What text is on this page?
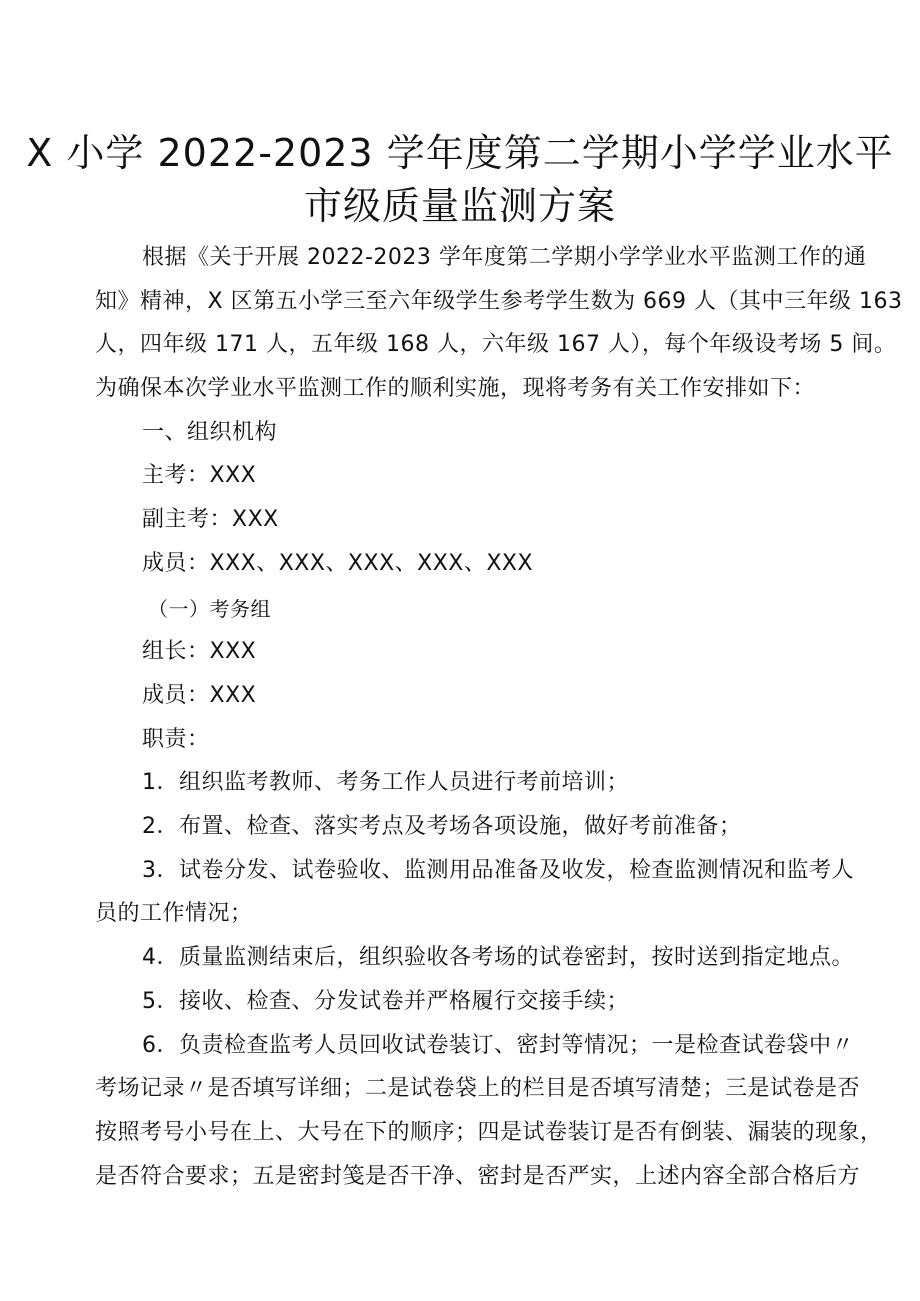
X 小学 2022-2023 学年度第二学期小学学业水平
市级质量监测方案
根据《关于开展 2022-2023 学年度第二学期小学学业水平监测工作的通
知》精神，X 区第五小学三至六年级学生参考学生数为 669 人（其中三年级 163
人，四年级 171 人，五年级 168 人，六年级 167 人），每个年级设考场 5 间。
为确保本次学业水平监测工作的顺利实施，现将考务有关工作安排如下：
一、组织机构
主考：XXX
副主考：XXX
成员：XXX、XXX、XXX、XXX、XXX
（一）考务组
组长：XXX
成员：XXX
职责：
1．组织监考教师、考务工作人员进行考前培训；
2．布置、检查、落实考点及考场各项设施，做好考前准备；
3．试卷分发、试卷验收、监测用品准备及收发，检查监测情况和监考人
员的工作情况；
4．质量监测结束后，组织验收各考场的试卷密封，按时送到指定地点。
5．接收、检查、分发试卷并严格履行交接手续；
6．负责检查监考人员回收试卷装订、密封等情况；一是检查试卷袋中〃
考场记录〃是否填写详细；二是试卷袋上的栏目是否填写清楚；三是试卷是否
按照考号小号在上、大号在下的顺序；四是试卷装订是否有倒装、漏装的现象，
是否符合要求；五是密封笺是否干净、密封是否严实，上述内容全部合格后方
